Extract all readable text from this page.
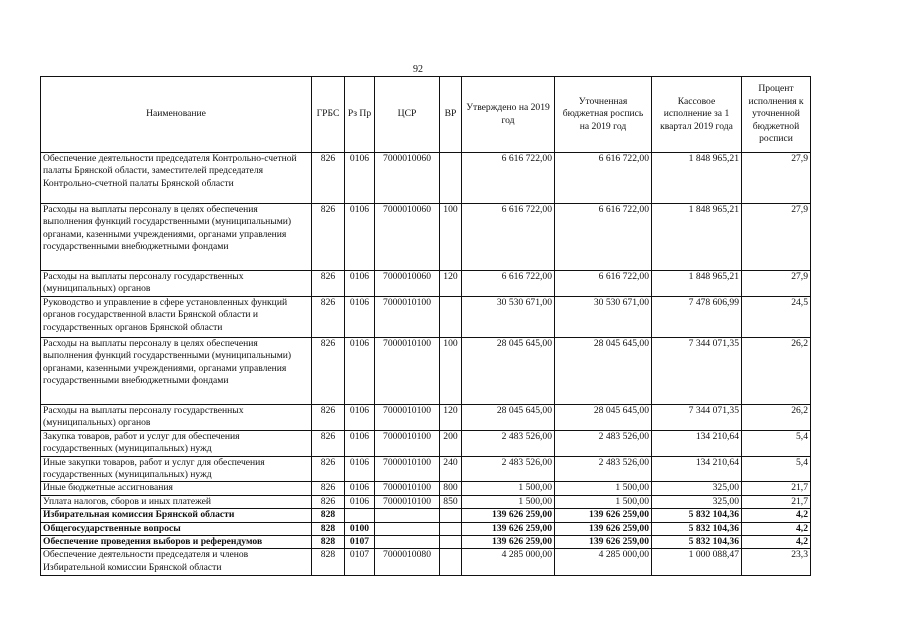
92
Наименование	ГРБС	Рз Пр	ЦСР	ВР	Утверждено на 2019 год	Уточненная бюджетная роспись на 2019 год	Кассовое исполнение за 1 квартал 2019 года	Процент исполнения к уточненной бюджетной росписи
Обеспечение деятельности председателя Контрольно-счетной палаты Брянской области, заместителей председателя Контрольно-счетной палаты Брянской области	826	0106	7000010060		6 616 722,00	6 616 722,00	1 848 965,21	27,9
Расходы на выплаты персоналу в целях обеспечения выполнения функций государственными (муниципальными) органами, казенными учреждениями, органами управления государственными внебюджетными фондами	826	0106	7000010060	100	6 616 722,00	6 616 722,00	1 848 965,21	27,9
Расходы на выплаты персоналу государственных (муниципальных) органов	826	0106	7000010060	120	6 616 722,00	6 616 722,00	1 848 965,21	27,9
Руководство и управление в сфере установленных функций органов государственной власти Брянской области и государственных органов Брянской области	826	0106	7000010100		30 530 671,00	30 530 671,00	7 478 606,99	24,5
Расходы на выплаты персоналу в целях обеспечения выполнения функций государственными (муниципальными) органами, казенными учреждениями, органами управления государственными внебюджетными фондами	826	0106	7000010100	100	28 045 645,00	28 045 645,00	7 344 071,35	26,2
Расходы на выплаты персоналу государственных (муниципальных) органов	826	0106	7000010100	120	28 045 645,00	28 045 645,00	7 344 071,35	26,2
Закупка товаров, работ и услуг для обеспечения государственных (муниципальных) нужд	826	0106	7000010100	200	2 483 526,00	2 483 526,00	134 210,64	5,4
Иные закупки товаров, работ и услуг для обеспечения государственных (муниципальных) нужд	826	0106	7000010100	240	2 483 526,00	2 483 526,00	134 210,64	5,4
Иные бюджетные ассигнования	826	0106	7000010100	800	1 500,00	1 500,00	325,00	21,7
Уплата налогов, сборов и иных платежей	826	0106	7000010100	850	1 500,00	1 500,00	325,00	21,7
Избирательная комиссия Брянской области	828				139 626 259,00	139 626 259,00	5 832 104,36	4,2
Общегосударственные вопросы	828	0100			139 626 259,00	139 626 259,00	5 832 104,36	4,2
Обеспечение проведения выборов и референдумов	828	0107			139 626 259,00	139 626 259,00	5 832 104,36	4,2
Обеспечение деятельности председателя и членов Избирательной комиссии Брянской области	828	0107	7000010080		4 285 000,00	4 285 000,00	1 000 088,47	23,3
